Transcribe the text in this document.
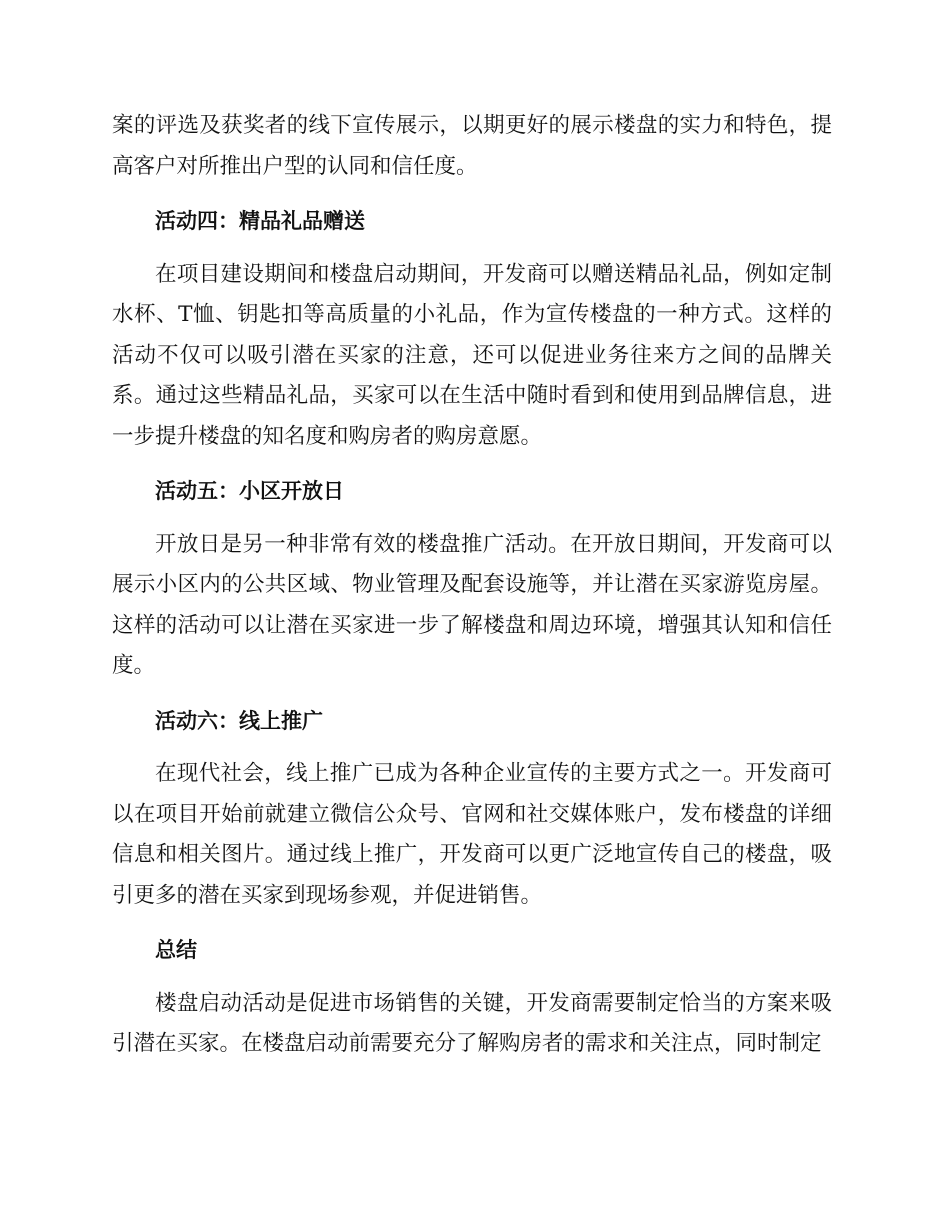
案的评选及获奖者的线下宣传展示，以期更好的展示楼盘的实力和特色，提高客户对所推出户型的认同和信任度。

活动四：精品礼品赠送

在项目建设期间和楼盘启动期间，开发商可以赠送精品礼品，例如定制水杯、T恤、钥匙扣等高质量的小礼品，作为宣传楼盘的一种方式。这样的活动不仅可以吸引潜在买家的注意，还可以促进业务往来方之间的品牌关系。通过这些精品礼品，买家可以在生活中随时看到和使用到品牌信息，进一步提升楼盘的知名度和购房者的购房意愿。

活动五：小区开放日

开放日是另一种非常有效的楼盘推广活动。在开放日期间，开发商可以展示小区内的公共区域、物业管理及配套设施等，并让潜在买家游览房屋。这样的活动可以让潜在买家进一步了解楼盘和周边环境，增强其认知和信任度。

活动六：线上推广

在现代社会，线上推广已成为各种企业宣传的主要方式之一。开发商可以在项目开始前就建立微信公众号、官网和社交媒体账户，发布楼盘的详细信息和相关图片。通过线上推广，开发商可以更广泛地宣传自己的楼盘，吸引更多的潜在买家到现场参观，并促进销售。

总结

楼盘启动活动是促进市场销售的关键，开发商需要制定恰当的方案来吸引潜在买家。在楼盘启动前需要充分了解购房者的需求和关注点，同时制定
